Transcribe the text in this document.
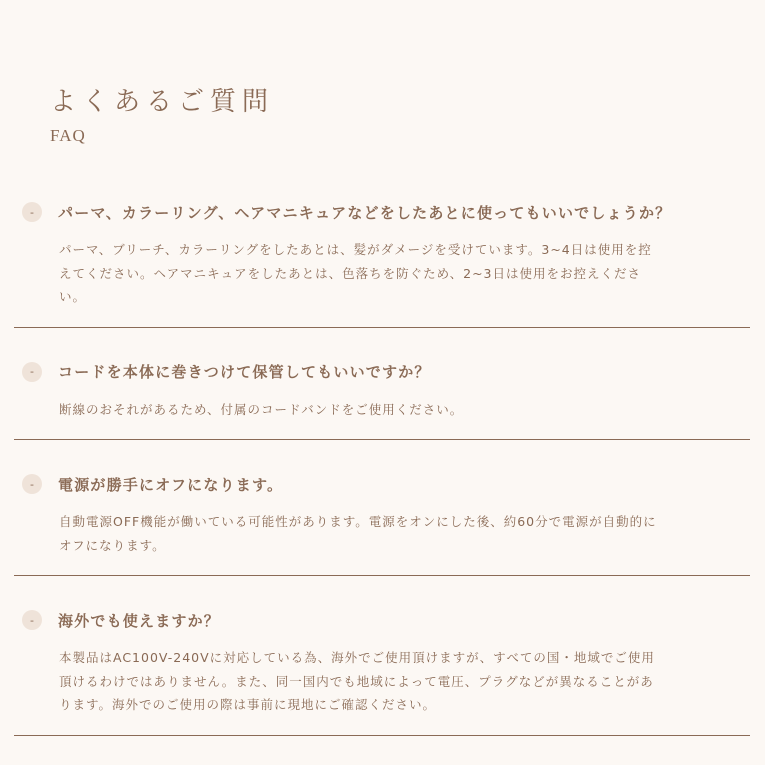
よくあるご質問
FAQ
-	パーマ、カラーリング、ヘアマニキュアなどをしたあとに使ってもいいでしょうか？

パーマ、ブリーチ、カラーリングをしたあとは、髪がダメージを受けています。3~4日は使用を控えてください。ヘアマニキュアをしたあとは、色落ちを防ぐため、2~3日は使用をお控えください。

-	コードを本体に巻きつけて保管してもいいですか？

断線のおそれがあるため、付属のコードバンドをご使用ください。

-	電源が勝手にオフになります。

自動電源OFF機能が働いている可能性があります。電源をオンにした後、約60分で電源が自動的にオフになります。

-	海外でも使えますか？

本製品はAC100V-240Vに対応している為、海外でご使用頂けますが、すべての国・地域でご使用頂けるわけではありません。また、同一国内でも地域によって電圧、プラグなどが異なることがあります。海外でのご使用の際は事前に現地にご確認ください。
